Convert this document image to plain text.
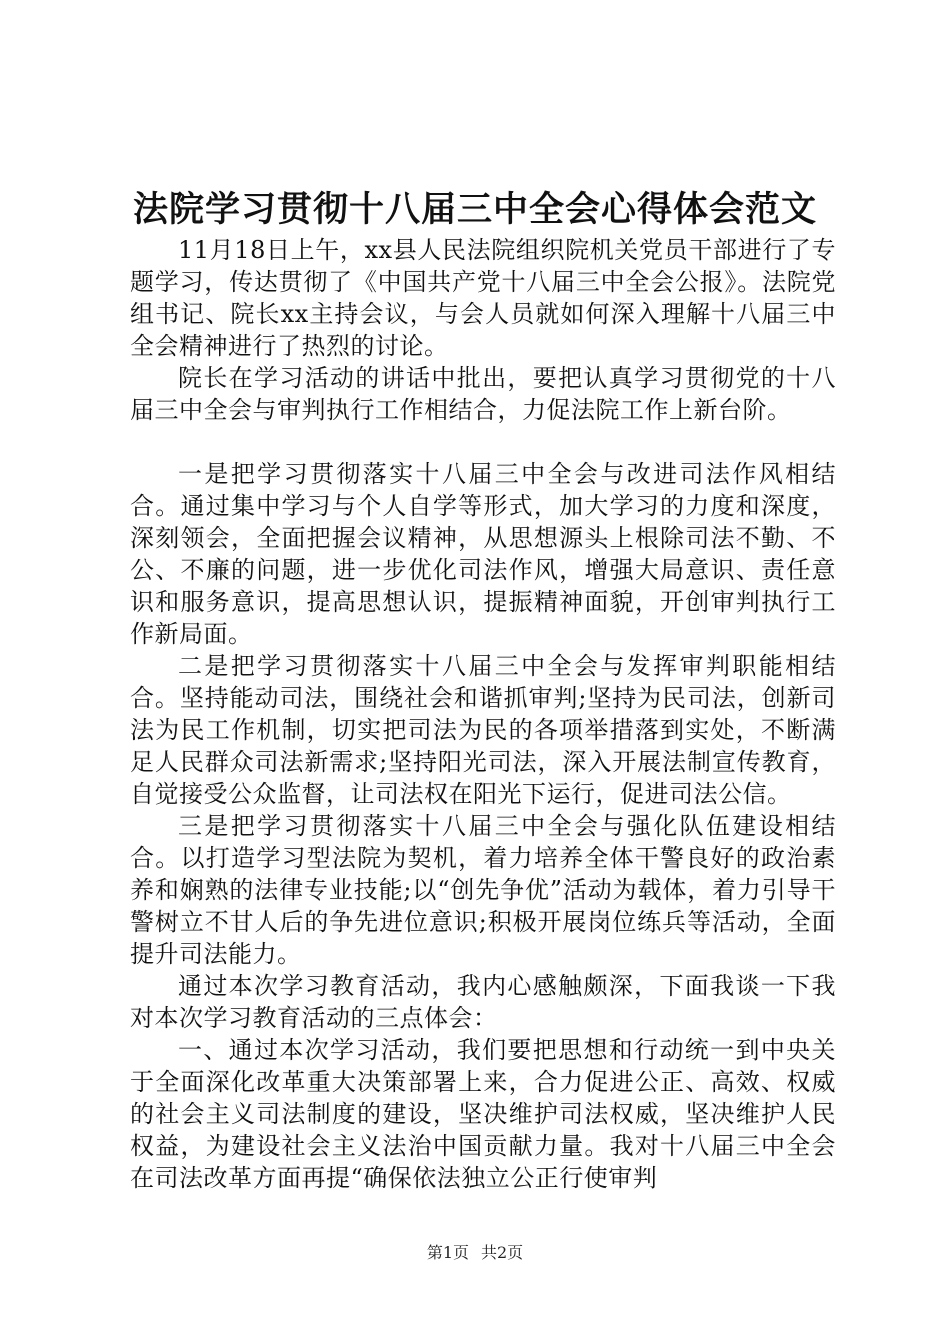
法院学习贯彻十八届三中全会心得体会范文

11月18日上午，xx县人民法院组织院机关党员干部进行了专题学习，传达贯彻了《中国共产党十八届三中全会公报》。法院党组书记、院长xx主持会议，与会人员就如何深入理解十八届三中全会精神进行了热烈的讨论。

院长在学习活动的讲话中批出，要把认真学习贯彻党的十八届三中全会与审判执行工作相结合，力促法院工作上新台阶。

一是把学习贯彻落实十八届三中全会与改进司法作风相结合。通过集中学习与个人自学等形式，加大学习的力度和深度，深刻领会，全面把握会议精神，从思想源头上根除司法不勤、不公、不廉的问题，进一步优化司法作风，增强大局意识、责任意识和服务意识，提高思想认识，提振精神面貌，开创审判执行工作新局面。

二是把学习贯彻落实十八届三中全会与发挥审判职能相结合。坚持能动司法，围绕社会和谐抓审判;坚持为民司法，创新司法为民工作机制，切实把司法为民的各项举措落到实处，不断满足人民群众司法新需求;坚持阳光司法，深入开展法制宣传教育，自觉接受公众监督，让司法权在阳光下运行，促进司法公信。

三是把学习贯彻落实十八届三中全会与强化队伍建设相结合。以打造学习型法院为契机，着力培养全体干警良好的政治素养和娴熟的法律专业技能;以“创先争优”活动为载体，着力引导干警树立不甘人后的争先进位意识;积极开展岗位练兵等活动，全面提升司法能力。

通过本次学习教育活动，我内心感触颇深，下面我谈一下我对本次学习教育活动的三点体会：

一、通过本次学习活动，我们要把思想和行动统一到中央关于全面深化改革重大决策部署上来，合力促进公正、高效、权威的社会主义司法制度的建设，坚决维护司法权威，坚决维护人民权益，为建设社会主义法治中国贡献力量。我对十八届三中全会在司法改革方面再提“确保依法独立公正行使审判

第1页 共2页
